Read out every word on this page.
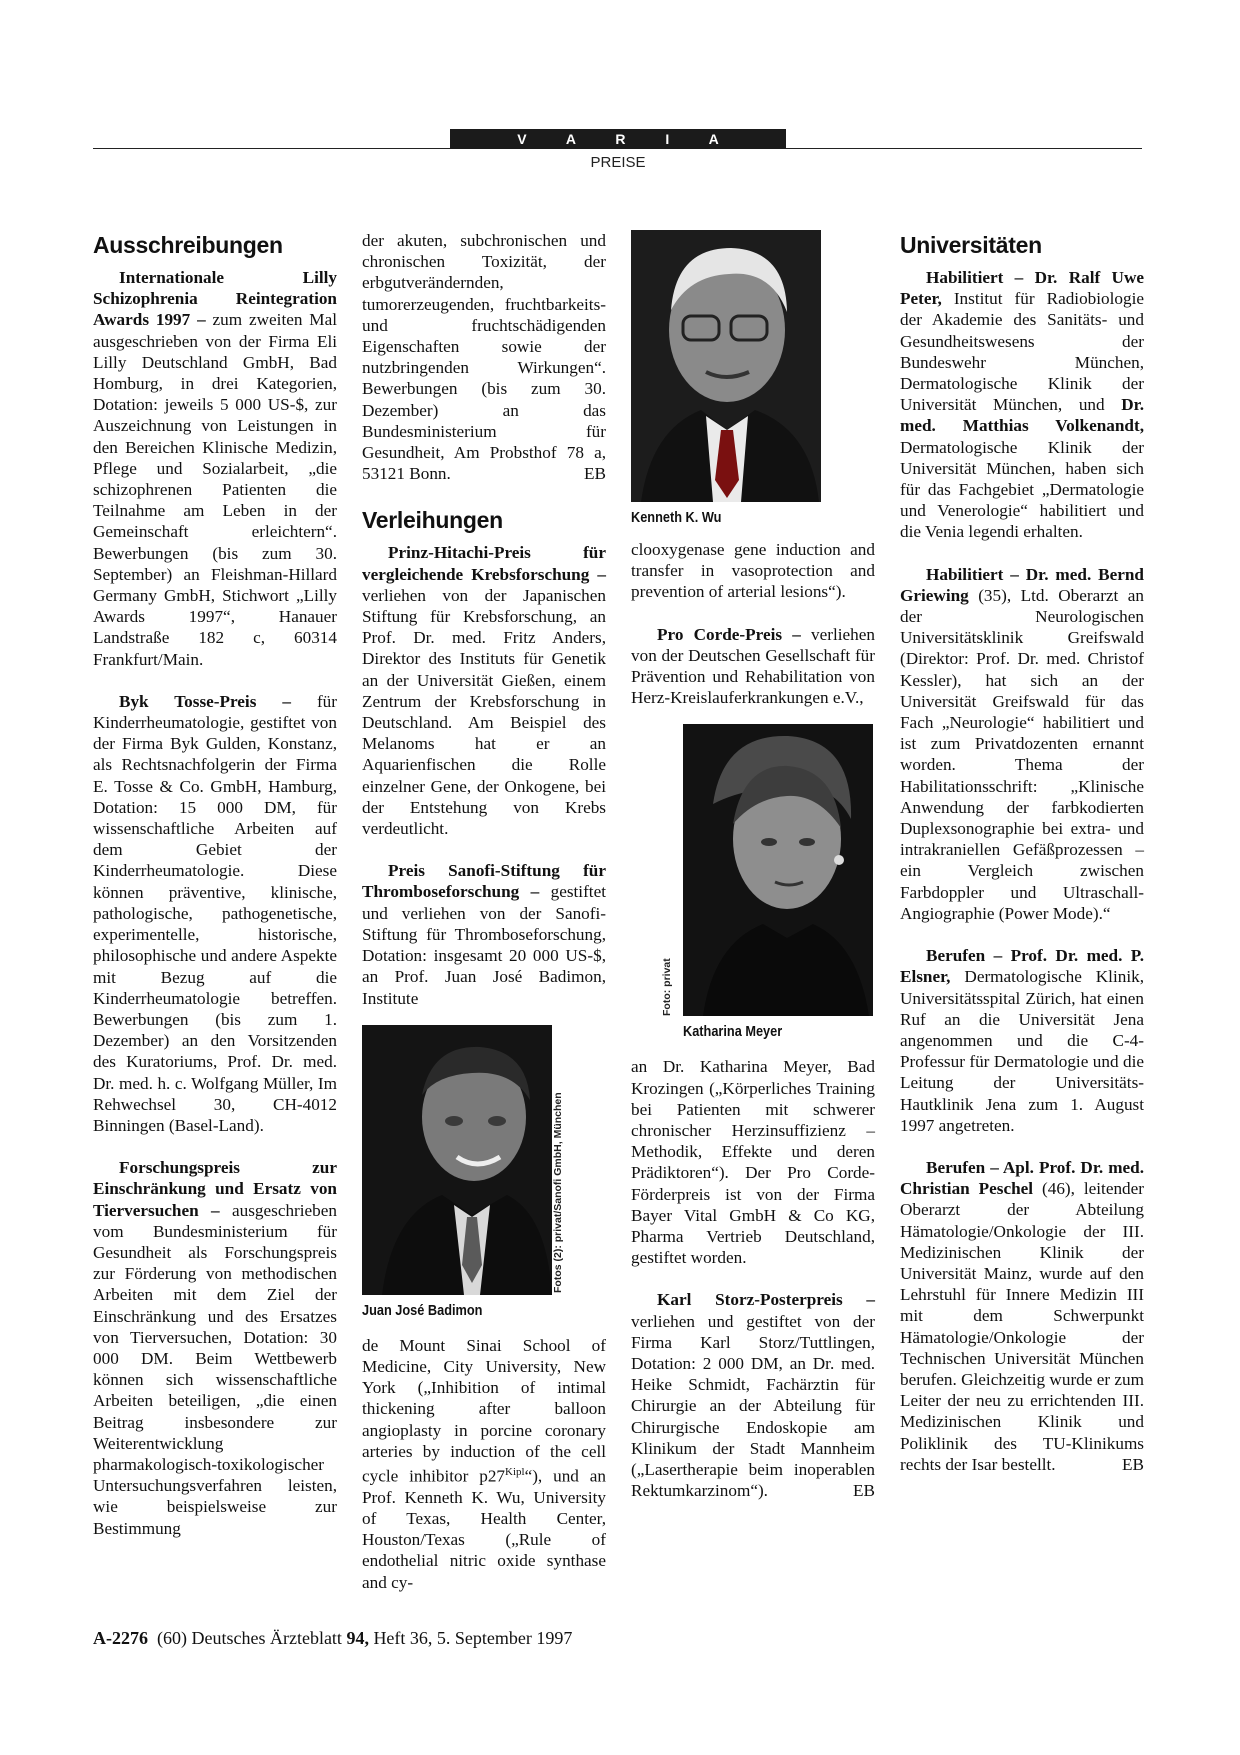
V A R I A
PREISE
Ausschreibungen

Internationale Lilly Schizophrenia Reintegration Awards 1997 – zum zweiten Mal ausgeschrieben von der Firma Eli Lilly Deutschland GmbH, Bad Homburg, in drei Kategorien, Dotation: jeweils 5 000 US-$, zur Auszeichnung von Leistungen in den Bereichen Klinische Medizin, Pflege und Sozialarbeit, „die schizophrenen Patienten die Teilnahme am Leben in der Gemeinschaft erleichtern“. Bewerbungen (bis zum 30. September) an Fleishman-Hillard Germany GmbH, Stichwort „Lilly Awards 1997“, Hanauer Landstraße 182 c, 60314 Frankfurt/Main.

Byk Tosse-Preis – für Kinderrheumatologie, gestiftet von der Firma Byk Gulden, Konstanz, als Rechtsnachfolgerin der Firma E. Tosse & Co. GmbH, Hamburg, Dotation: 15 000 DM, für wissenschaftliche Arbeiten auf dem Gebiet der Kinderrheumatologie. Diese können präventive, klinische, pathologische, pathogenetische, experimentelle, historische, philosophische und andere Aspekte mit Bezug auf die Kinderrheumatologie betreffen. Bewerbungen (bis zum 1. Dezember) an den Vorsitzenden des Kuratoriums, Prof. Dr. med. Dr. med. h. c. Wolfgang Müller, Im Rehwechsel 30, CH-4012 Binningen (Basel-Land).

Forschungspreis zur Einschränkung und Ersatz von Tierversuchen – ausgeschrieben vom Bundesministerium für Gesundheit als Forschungspreis zur Förderung von methodischen Arbeiten mit dem Ziel der Einschränkung und des Ersatzes von Tierversuchen, Dotation: 30 000 DM. Beim Wettbewerb können sich wissenschaftliche Arbeiten beteiligen, „die einen Beitrag insbesondere zur Weiterentwicklung pharmakologisch-toxikologischer Untersuchungsverfahren leisten, wie beispielsweise zur Bestimmung

der akuten, subchronischen und chronischen Toxizität, der erbgutverändernden, tumorerzeugenden, fruchtbarkeits- und fruchtschädigenden Eigenschaften sowie der nutzbringenden Wirkungen“. Bewerbungen (bis zum 30. Dezember) an das Bundesministerium für Gesundheit, Am Probsthof 78 a, 53121 Bonn.	EB

Verleihungen

Prinz-Hitachi-Preis für vergleichende Krebsforschung – verliehen von der Japanischen Stiftung für Krebsforschung, an Prof. Dr. med. Fritz Anders, Direktor des Instituts für Genetik an der Universität Gießen, einem Zentrum der Krebsforschung in Deutschland. Am Beispiel des Melanoms hat er an Aquarienfischen die Rolle einzelner Gene, der Onkogene, bei der Entstehung von Krebs verdeutlicht.

Preis Sanofi-Stiftung für Thromboseforschung – gestiftet und verliehen von der Sanofi-Stiftung für Thromboseforschung, Dotation: insgesamt 20 000 US-$, an Prof. Juan José Badimon, Institute

Juan José Badimon
Fotos (2): privat/Sanofi GmbH, München

de Mount Sinai School of Medicine, City University, New York („Inhibition of intimal thickening after balloon angioplasty in porcine coronary arteries by induction of the cell cycle inhibitor $p27^{Kipl}“$), und an Prof. Kenneth K. Wu, University of Texas, Health Center, Houston/Texas („Rule of endothelial nitric oxide synthase and cy-

Kenneth K. Wu

clooxygenase gene induction and transfer in vasoprotection and prevention of arterial lesions“).

Pro Corde-Preis – verliehen von der Deutschen Gesellschaft für Prävention und Rehabilitation von Herz-Kreislauferkrankungen e.V.,

Katharina Meyer
Foto: privat

an Dr. Katharina Meyer, Bad Krozingen („Körperliches Training bei Patienten mit schwerer chronischer Herzinsuffizienz – Methodik, Effekte und deren Prädiktoren“). Der Pro Corde-Förderpreis ist von der Firma Bayer Vital GmbH & Co KG, Pharma Vertrieb Deutschland, gestiftet worden.

Karl Storz-Posterpreis – verliehen und gestiftet von der Firma Karl Storz/Tuttlingen, Dotation: 2 000 DM, an Dr. med. Heike Schmidt, Fachärztin für Chirurgie an der Abteilung für Chirurgische Endoskopie am Klinikum der Stadt Mannheim („Lasertherapie beim inoperablen Rektumkarzinom“).	EB

Universitäten

Habilitiert – Dr. Ralf Uwe Peter, Institut für Radiobiologie der Akademie des Sanitäts- und Gesundheitswesens der Bundeswehr München, Dermatologische Klinik der Universität München, und Dr. med. Matthias Volkenandt, Dermatologische Klinik der Universität München, haben sich für das Fachgebiet „Dermatologie und Venerologie“ habilitiert und die Venia legendi erhalten.

Habilitiert – Dr. med. Bernd Griewing (35), Ltd. Oberarzt an der Neurologischen Universitätsklinik Greifswald (Direktor: Prof. Dr. med. Christof Kessler), hat sich an der Universität Greifswald für das Fach „Neurologie“ habilitiert und ist zum Privatdozenten ernannt worden. Thema der Habilitationsschrift: „Klinische Anwendung der farbkodierten Duplexsonographie bei extra- und intrakraniellen Gefäßprozessen – ein Vergleich zwischen Farbdoppler und Ultraschall-Angiographie (Power Mode).“

Berufen – Prof. Dr. med. P. Elsner, Dermatologische Klinik, Universitätsspital Zürich, hat einen Ruf an die Universität Jena angenommen und die C-4-Professur für Dermatologie und die Leitung der Universitäts-Hautklinik Jena zum 1. August 1997 angetreten.

Berufen – Apl. Prof. Dr. med. Christian Peschel (46), leitender Oberarzt der Abteilung Hämatologie/Onkologie der III. Medizinischen Klinik der Universität Mainz, wurde auf den Lehrstuhl für Innere Medizin III mit dem Schwerpunkt Hämatologie/Onkologie der Technischen Universität München berufen. Gleichzeitig wurde er zum Leiter der neu zu errichtenden III. Medizinischen Klinik und Poliklinik des TU-Klinikums rechts der Isar bestellt.	EB

A-2276 (60) Deutsches Ärzteblatt 94, Heft 36, 5. September 1997
